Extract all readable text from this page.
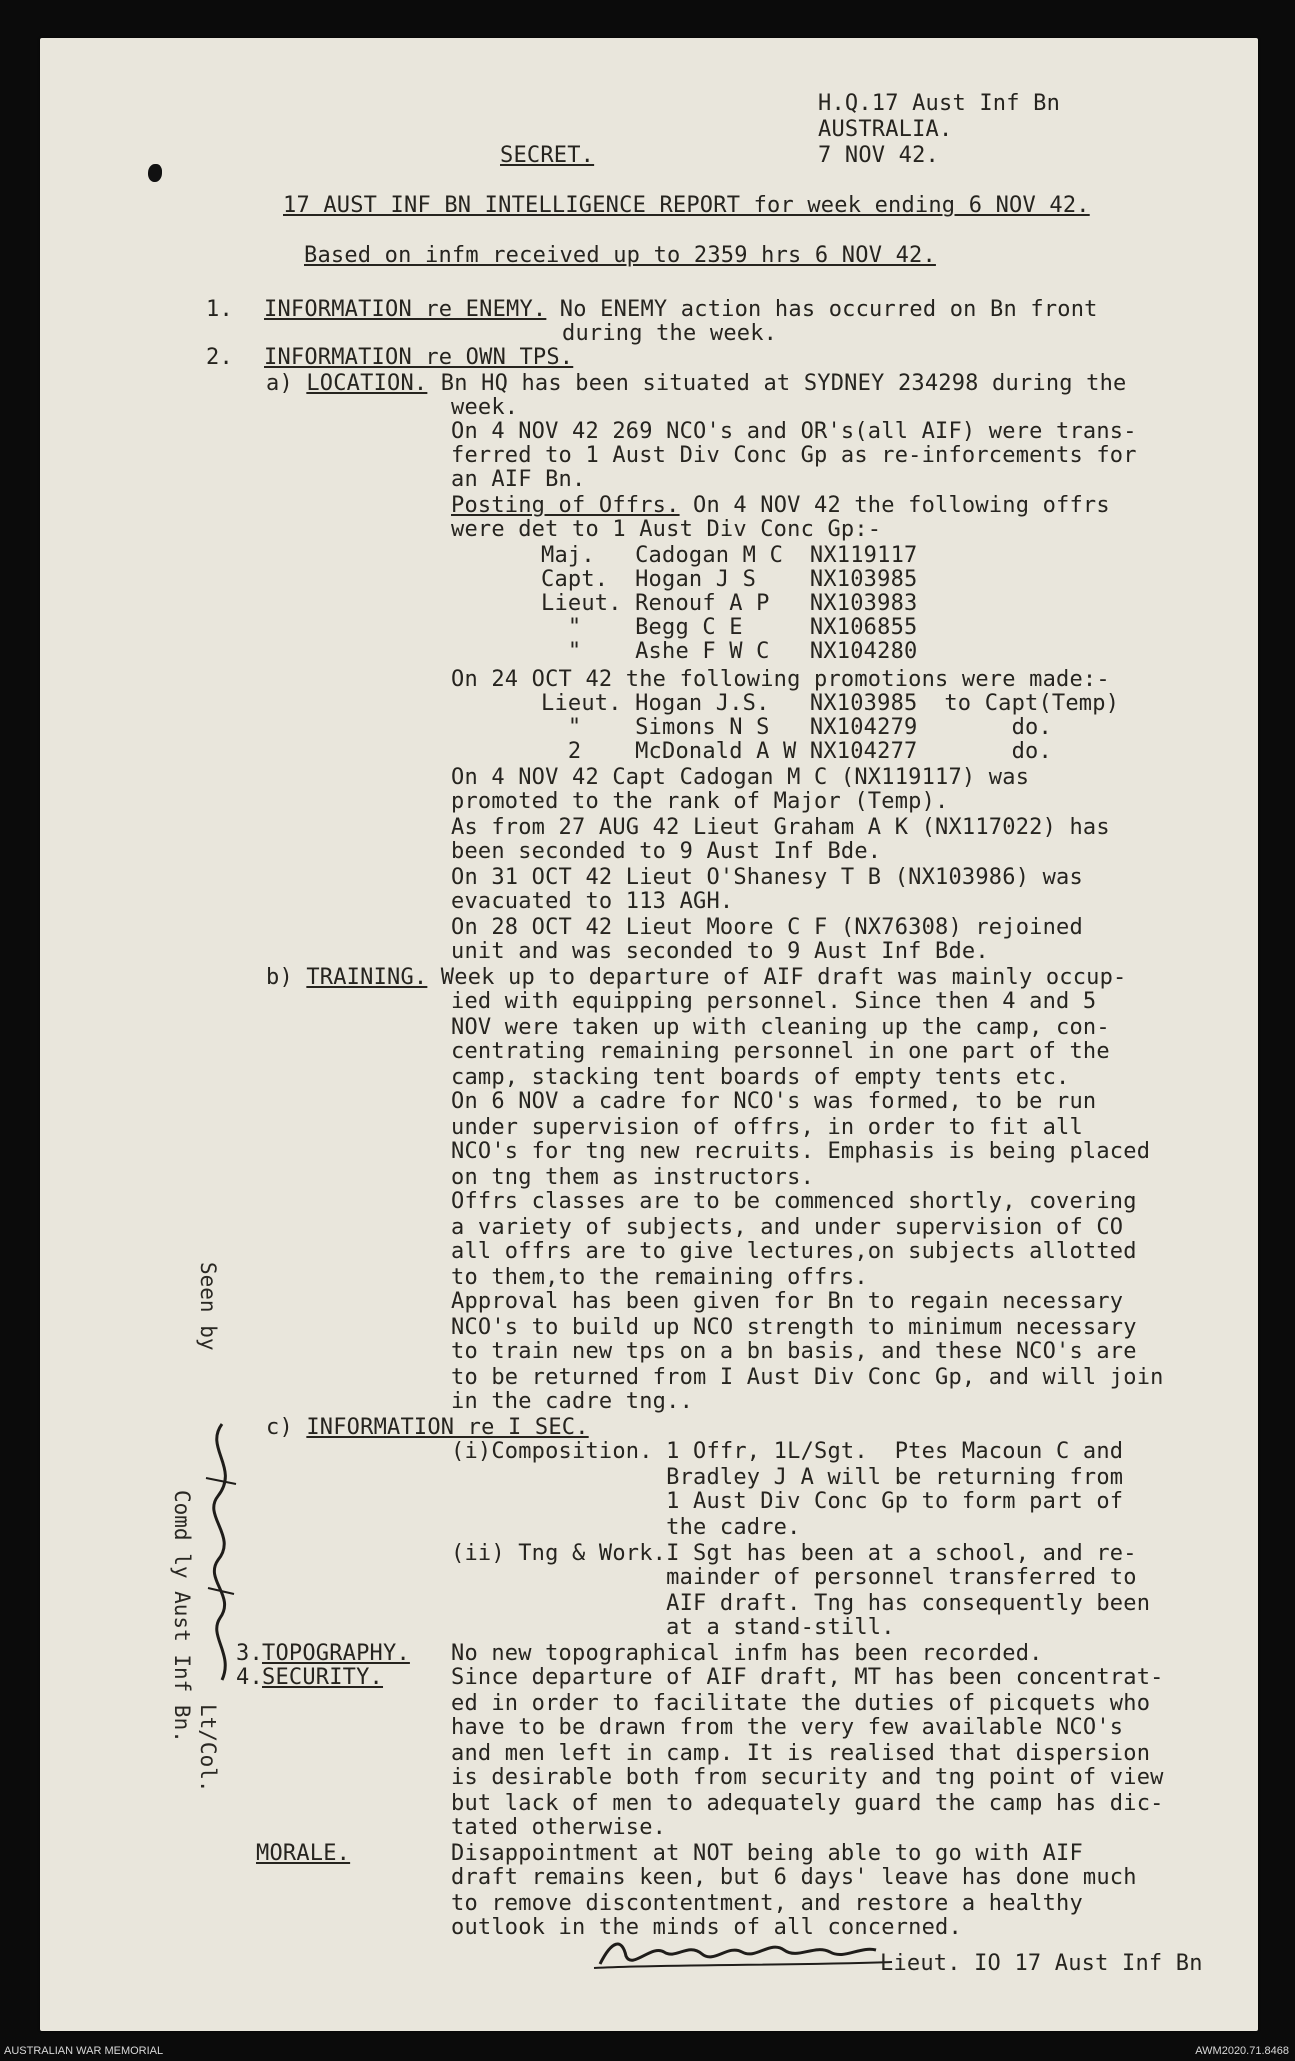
H.Q.17 Aust Inf Bn
AUSTRALIA.
7 NOV 42.
SECRET.
17 AUST INF BN INTELLIGENCE REPORT for week ending 6 NOV 42.
Based on infm received up to 2359 hrs 6 NOV 42.
1. INFORMATION re ENEMY. No ENEMY action has occurred on Bn front
during the week.
2. INFORMATION re OWN TPS.
a) LOCATION. Bn HQ has been situated at SYDNEY 234298 during the
week.
On 4 NOV 42 269 NCO's and OR's(all AIF) were trans-
ferred to 1 Aust Div Conc Gp as re-inforcements for
an AIF Bn.
Posting of Offrs. On 4 NOV 42 the following offrs
were det to 1 Aust Div Conc Gp:-
Maj.   Cadogan M C  NX119117
Capt.  Hogan J S    NX103985
Lieut. Renouf A P   NX103983
"    Begg C E     NX106855
"    Ashe F W C   NX104280
On 24 OCT 42 the following promotions were made:-
Lieut. Hogan J.S.   NX103985  to Capt(Temp)
"    Simons N S   NX104279       do.
2    McDonald A W NX104277       do.
On 4 NOV 42 Capt Cadogan M C (NX119117) was
promoted to the rank of Major (Temp).
As from 27 AUG 42 Lieut Graham A K (NX117022) has
been seconded to 9 Aust Inf Bde.
On 31 OCT 42 Lieut O'Shanesy T B (NX103986) was
evacuated to 113 AGH.
On 28 OCT 42 Lieut Moore C F (NX76308) rejoined
unit and was seconded to 9 Aust Inf Bde.
b) TRAINING. Week up to departure of AIF draft was mainly occup-
ied with equipping personnel. Since then 4 and 5
NOV were taken up with cleaning up the camp, con-
centrating remaining personnel in one part of the
camp, stacking tent boards of empty tents etc.
On 6 NOV a cadre for NCO's was formed, to be run
under supervision of offrs, in order to fit all
NCO's for tng new recruits. Emphasis is being placed
on tng them as instructors.
Offrs classes are to be commenced shortly, covering
a variety of subjects, and under supervision of CO
all offrs are to give lectures,on subjects allotted
to them,to the remaining offrs.
Approval has been given for Bn to regain necessary
NCO's to build up NCO strength to minimum necessary
to train new tps on a bn basis, and these NCO's are
to be returned from I Aust Div Conc Gp, and will join
in the cadre tng..
c) INFORMATION re I SEC.
(i)Composition. 1 Offr, 1L/Sgt.  Ptes Macoun C and
Bradley J A will be returning from
1 Aust Div Conc Gp to form part of
the cadre.
(ii) Tng & Work.I Sgt has been at a school, and re-
mainder of personnel transferred to
AIF draft. Tng has consequently been
at a stand-still.
3. TOPOGRAPHY. No new topographical infm has been recorded.
4. SECURITY.	Since departure of AIF draft, MT has been concentrat-
ed in order to facilitate the duties of picquets who
have to be drawn from the very few available NCO's
and men left in camp. It is realised that dispersion
is desirable both from security and tng point of view
but lack of men to adequately guard the camp has dic-
tated otherwise.
MORALE.	Disappointment at NOT being able to go with AIF
draft remains keen, but 6 days' leave has done much
to remove discontentment, and restore a healthy
outlook in the minds of all concerned.
Lieut. IO 17 Aust Inf Bn
Seen by
Comd ly Aust Inf Bn.
Lt/Col.
AUSTRALIAN WAR MEMORIAL	AWM2020.71.8468
